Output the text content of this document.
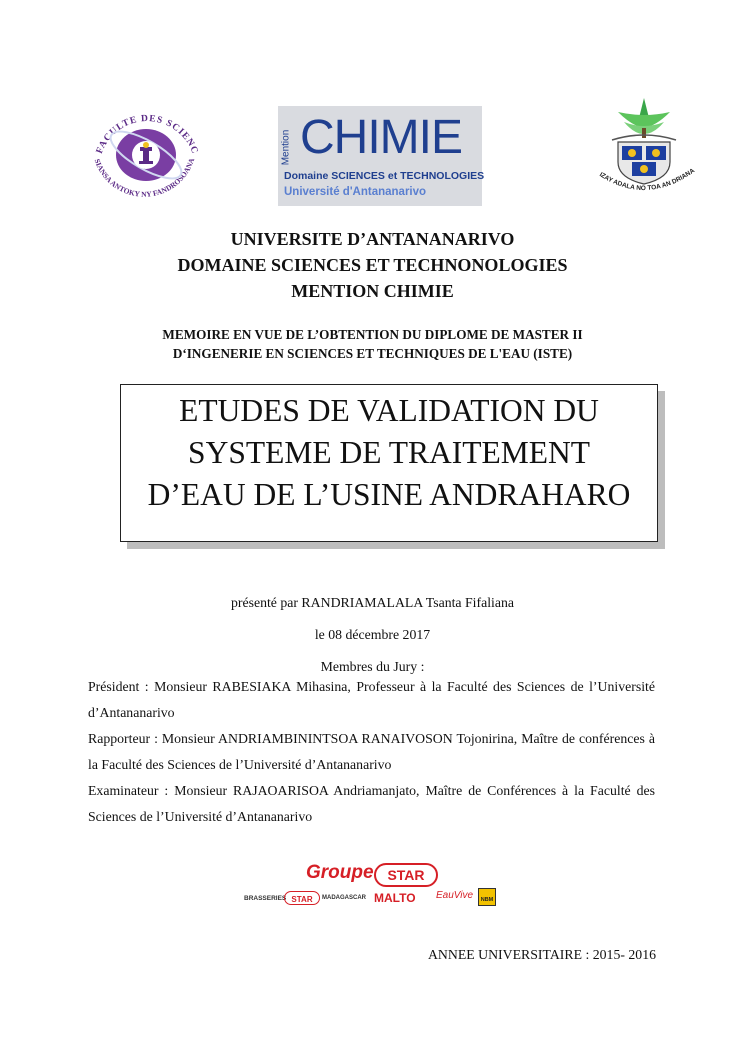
FACULTE DES SCIENC
SIANSA ANTOKY NY FANDROSOANA	Mention CHIMIE
Domaine SCIENCES et TECHNOLOGIES
Université d'Antananarivo
IZAY ADALA NO TOA AN DRIANA
UNIVERSITE D’ANTANANARIVO
DOMAINE SCIENCES ET TECHNONOLOGIES
MENTION CHIMIE
MEMOIRE EN VUE DE L’OBTENTION DU DIPLOME DE MASTER II
D‘INGENERIE EN SCIENCES ET TECHNIQUES DE L'EAU (ISTE)
ETUDES DE VALIDATION DU
SYSTEME DE TRAITEMENT
D’EAU DE L’USINE ANDRAHARO
présenté par RANDRIAMALALA Tsanta Fifaliana
le 08 décembre 2017
Membres du Jury :

Président : Monsieur RABESIAKA Mihasina, Professeur à la Faculté des Sciences de l’Université d’Antananarivo

Rapporteur : Monsieur ANDRIAMBININTSOA RANAIVOSON Tojonirina, Maître de conférences à la Faculté des Sciences de l’Université d’Antananarivo

Examinateur : Monsieur RAJAOARISOA Andriamanjato, Maître de Conférences à la Faculté des Sciences de l’Université d’Antananarivo

Groupe STAR
BRASSERIES STAR	MADAGASCAR MALTO EauVive	NBM
ANNEE UNIVERSITAIRE : 2015- 2016
